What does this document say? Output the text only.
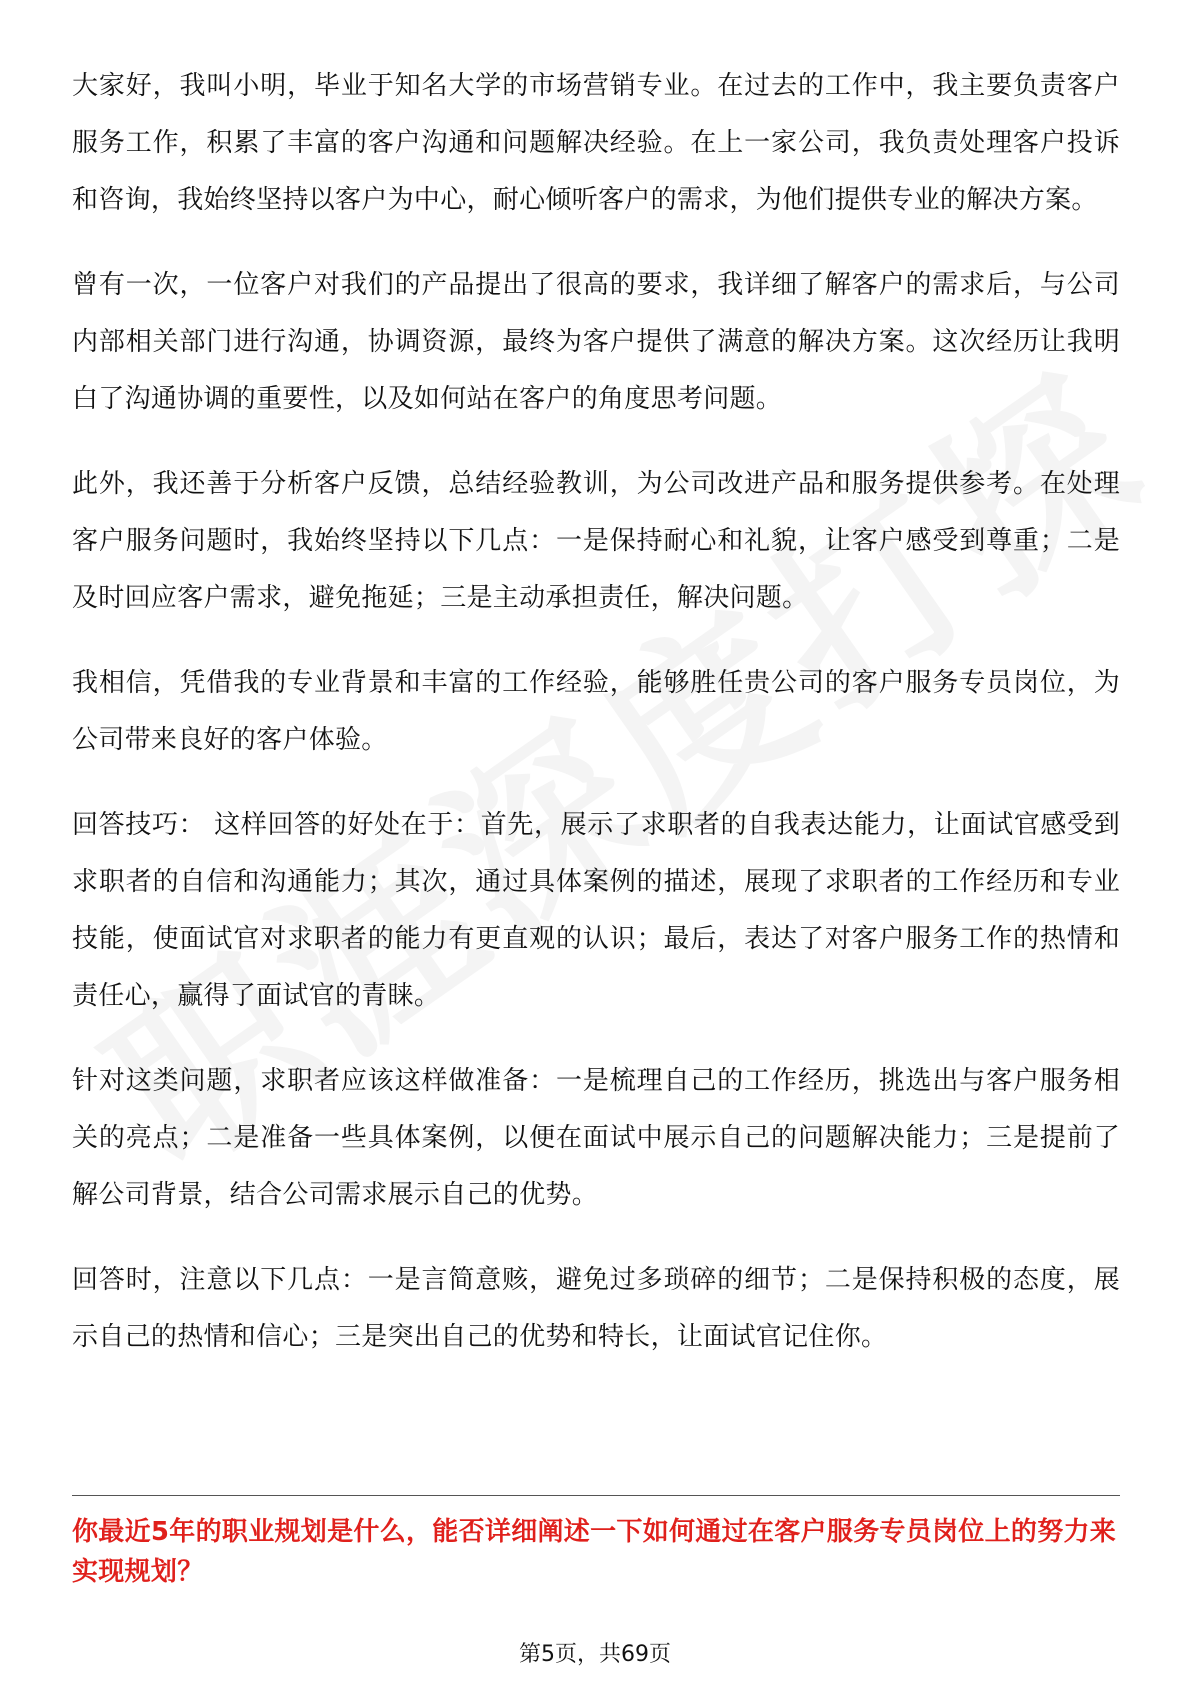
大家好，我叫小明，毕业于知名大学的市场营销专业。在过去的工作中，我主要负责客户服务工作，积累了丰富的客户沟通和问题解决经验。在上一家公司，我负责处理客户投诉和咨询，我始终坚持以客户为中心，耐心倾听客户的需求，为他们提供专业的解决方案。

曾有一次，一位客户对我们的产品提出了很高的要求，我详细了解客户的需求后，与公司内部相关部门进行沟通，协调资源，最终为客户提供了满意的解决方案。这次经历让我明白了沟通协调的重要性，以及如何站在客户的角度思考问题。

此外，我还善于分析客户反馈，总结经验教训，为公司改进产品和服务提供参考。在处理客户服务问题时，我始终坚持以下几点：一是保持耐心和礼貌，让客户感受到尊重；二是及时回应客户需求，避免拖延；三是主动承担责任，解决问题。

我相信，凭借我的专业背景和丰富的工作经验，能够胜任贵公司的客户服务专员岗位，为公司带来良好的客户体验。

回答技巧： 这样回答的好处在于：首先，展示了求职者的自我表达能力，让面试官感受到求职者的自信和沟通能力；其次，通过具体案例的描述，展现了求职者的工作经历和专业技能，使面试官对求职者的能力有更直观的认识；最后，表达了对客户服务工作的热情和责任心，赢得了面试官的青睐。

针对这类问题，求职者应该这样做准备：一是梳理自己的工作经历，挑选出与客户服务相关的亮点；二是准备一些具体案例，以便在面试中展示自己的问题解决能力；三是提前了解公司背景，结合公司需求展示自己的优势。

回答时，注意以下几点：一是言简意赅，避免过多琐碎的细节；二是保持积极的态度，展示自己的热情和信心；三是突出自己的优势和特长，让面试官记住你。

你最近5年的职业规划是什么，能否详细阐述一下如何通过在客户服务专员岗位上的努力来实现规划？
第5页，共69页
